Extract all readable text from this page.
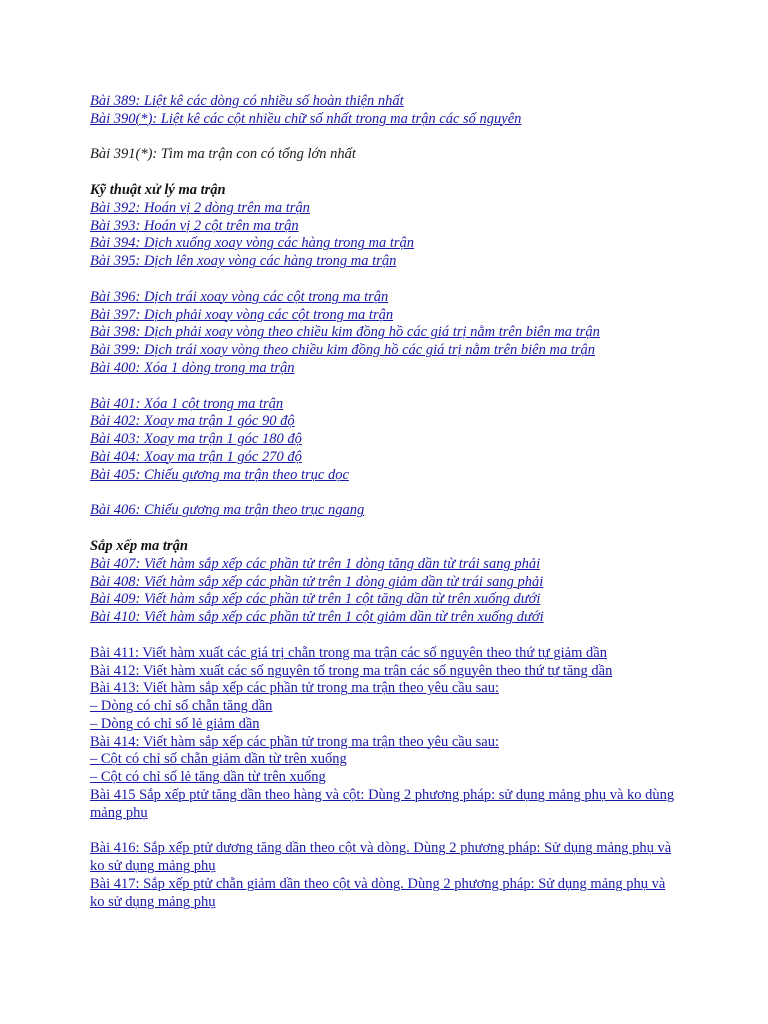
Bài 389: Liệt kê các dòng có nhiều số hoàn thiện nhất
Bài 390(*): Liệt kê các cột nhiều chữ số nhất trong ma trận các số nguyên
Bài 391(*): Tìm ma trận con có tổng lớn nhất
Kỹ thuật xử lý ma trận
Bài 392: Hoán vị 2 dòng trên ma trận
Bài 393: Hoán vị 2 cột trên ma trận
Bài 394: Dịch xuống xoay vòng các hàng trong ma trận
Bài 395: Dịch lên xoay vòng các hàng trong ma trận
Bài 396: Dịch trái xoay vòng các cột trong ma trận
Bài 397: Dịch phải xoay vòng các cột trong ma trận
Bài 398: Dịch phải xoay vòng theo chiều kim đồng hồ các giá trị nằm trên biên ma trận
Bài 399: Dịch trái xoay vòng theo chiều kim đồng hồ các giá trị nằm trên biên ma trận
Bài 400: Xóa 1 dòng trong ma trận
Bài 401: Xóa 1 cột trong ma trận
Bài 402: Xoay ma trận 1 góc 90 độ
Bài 403: Xoay ma trận 1 góc 180 độ
Bài 404: Xoay ma trận 1 góc 270 độ
Bài 405: Chiếu gương ma trận theo trục dọc
Bài 406: Chiếu gương ma trận theo trục ngang
Sắp xếp ma trận
Bài 407: Viết hàm sắp xếp các phần tử trên 1 dòng tăng dần từ trái sang phải
Bài 408: Viết hàm sắp xếp các phần tử trên 1 dòng giảm dần từ trái sang phải
Bài 409: Viết hàm sắp xếp các phần tử trên 1 cột tăng dần từ trên xuống dưới
Bài 410: Viết hàm sắp xếp các phần tử trên 1 cột giảm dần từ trên xuống dưới
Bài 411: Viết hàm xuất các giá trị chẵn trong ma trận các số nguyên theo thứ tự giảm dần
Bài 412: Viết hàm xuất các số nguyên tố trong ma trận các số nguyên theo thứ tự tăng dần
Bài 413: Viết hàm sắp xếp các phần tử trong ma trận theo yêu cầu sau:
– Dòng có chỉ số chẵn tăng dần
– Dòng có chỉ số lẻ giảm dần
Bài 414: Viết hàm sắp xếp các phần tử trong ma trận theo yêu cầu sau:
– Cột có chỉ số chẵn giảm dần từ trên xuống
– Cột có chỉ số lẻ tăng dần từ trên xuống
Bài 415 Sắp xếp ptử tăng dần theo hàng và cột: Dùng 2 phương pháp: sử dụng mảng phụ và ko dùng mảng phụ
Bài 416: Sắp xếp ptử dương tăng dần theo cột và dòng. Dùng 2 phương pháp: Sử dụng mảng phụ và ko sử dụng mảng phụ
Bài 417: Sắp xếp ptử chẵn giảm dần theo cột và dòng. Dùng 2 phương pháp: Sử dụng mảng phụ và ko sử dụng mảng phụ
